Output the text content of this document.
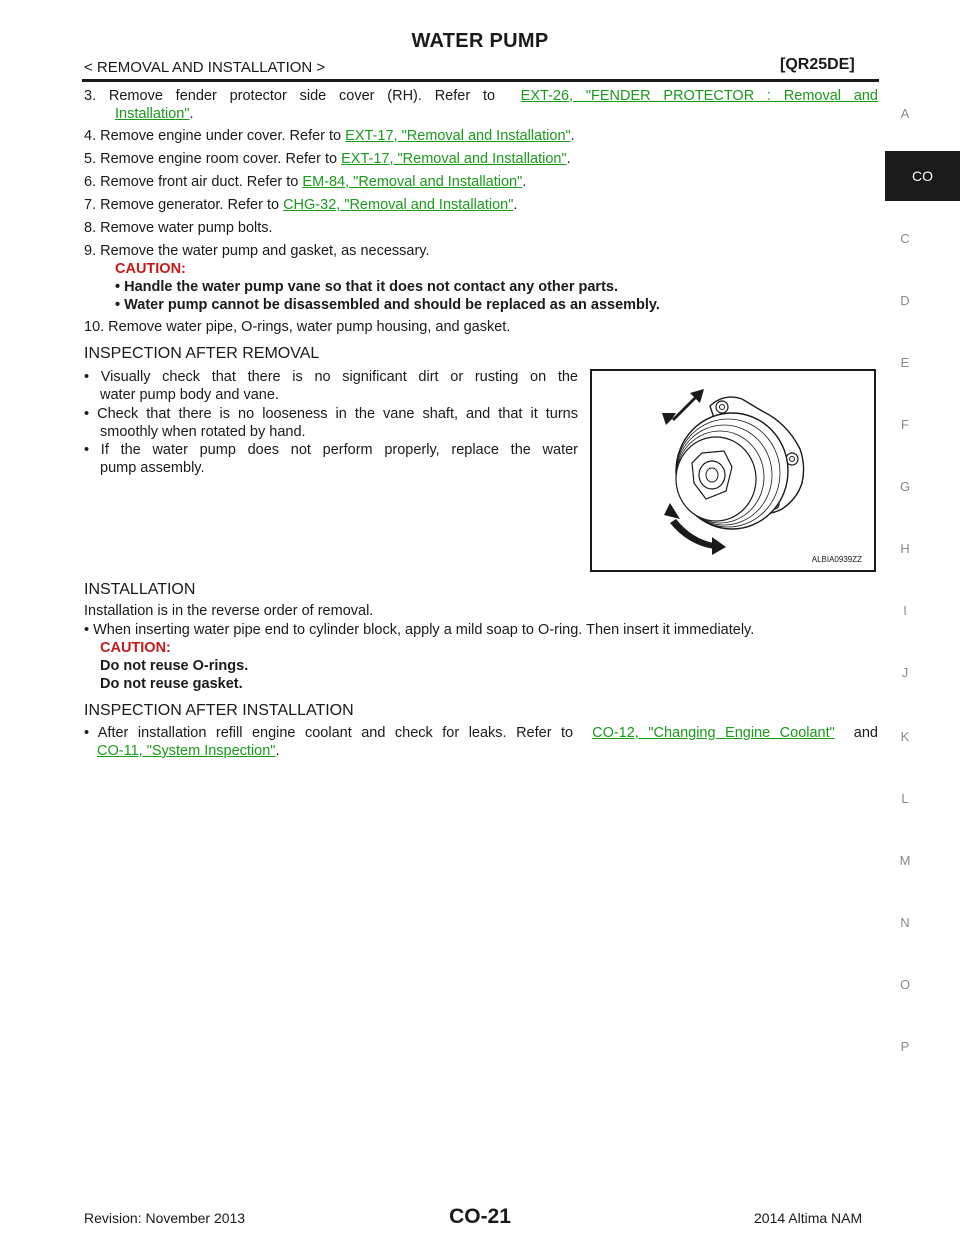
WATER PUMP
< REMOVAL AND INSTALLATION >	[QR25DE]
A
CO
C
D
E
F
G
H
I
J
K
L
M
N
O
P
3. Remove fender protector side cover (RH). Refer to EXT-26, "FENDER PROTECTOR : Removal and
Installation".
4. Remove engine under cover. Refer to EXT-17, "Removal and Installation".
5. Remove engine room cover. Refer to EXT-17, "Removal and Installation".
6. Remove front air duct. Refer to EM-84, "Removal and Installation".
7. Remove generator. Refer to CHG-32, "Removal and Installation".
8. Remove water pump bolts.
9. Remove the water pump and gasket, as necessary.
CAUTION:
• Handle the water pump vane so that it does not contact any other parts.
• Water pump cannot be disassembled and should be replaced as an assembly.
10. Remove water pipe, O-rings, water pump housing, and gasket.
INSPECTION AFTER REMOVAL
• Visually check that there is no significant dirt or rusting on the
water pump body and vane.
• Check that there is no looseness in the vane shaft, and that it turns
smoothly when rotated by hand.
• If the water pump does not perform properly, replace the water
pump assembly.
ALBIA0939ZZ
INSTALLATION
Installation is in the reverse order of removal.
• When inserting water pipe end to cylinder block, apply a mild soap to O-ring. Then insert it immediately.
CAUTION:
Do not reuse O-rings.
Do not reuse gasket.
INSPECTION AFTER INSTALLATION
• After installation refill engine coolant and check for leaks. Refer to CO-12, "Changing Engine Coolant" and
CO-11, "System Inspection".
Revision: November 2013	CO-21	2014 Altima NAM
